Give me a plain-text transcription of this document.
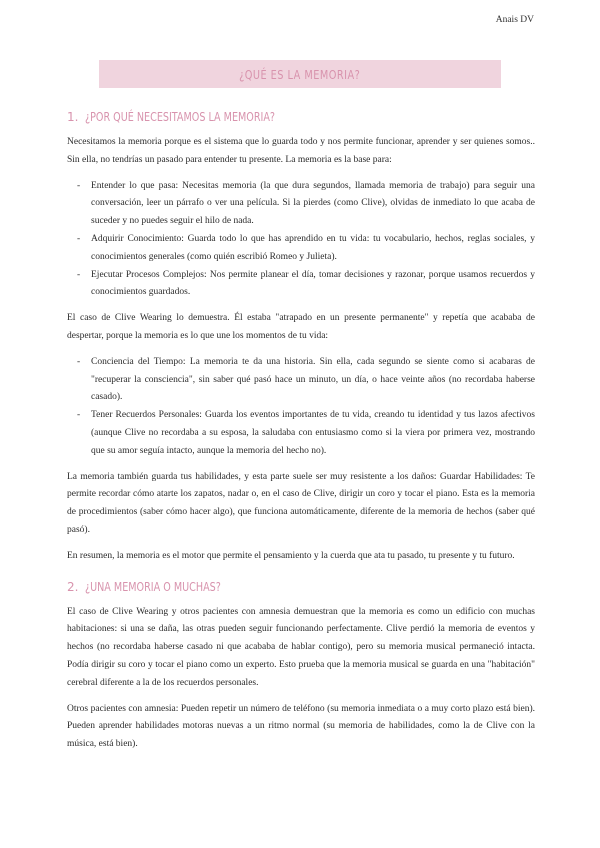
Anais DV
¿QUÉ ES LA MEMORIA?
1. ¿POR QUÉ NECESITAMOS LA MEMORIA?

Necesitamos la memoria porque es el sistema que lo guarda todo y nos permite funcionar, aprender y ser quienes somos.. Sin ella, no tendrías un pasado para entender tu presente. La memoria es la base para:

- Entender lo que pasa: Necesitas memoria (la que dura segundos, llamada memoria de trabajo) para seguir una conversación, leer un párrafo o ver una película. Si la pierdes (como Clive), olvidas de inmediato lo que acaba de suceder y no puedes seguir el hilo de nada.
- Adquirir Conocimiento: Guarda todo lo que has aprendido en tu vida: tu vocabulario, hechos, reglas sociales, y conocimientos generales (como quién escribió Romeo y Julieta).
- Ejecutar Procesos Complejos: Nos permite planear el día, tomar decisiones y razonar, porque usamos recuerdos y conocimientos guardados.

El caso de Clive Wearing lo demuestra. Él estaba "atrapado en un presente permanente" y repetía que acababa de despertar, porque la memoria es lo que une los momentos de tu vida:

- Conciencia del Tiempo: La memoria te da una historia. Sin ella, cada segundo se siente como si acabaras de "recuperar la consciencia", sin saber qué pasó hace un minuto, un día, o hace veinte años (no recordaba haberse casado).
- Tener Recuerdos Personales: Guarda los eventos importantes de tu vida, creando tu identidad y tus lazos afectivos (aunque Clive no recordaba a su esposa, la saludaba con entusiasmo como si la viera por primera vez, mostrando que su amor seguía intacto, aunque la memoria del hecho no).

La memoria también guarda tus habilidades, y esta parte suele ser muy resistente a los daños: Guardar Habilidades: Te permite recordar cómo atarte los zapatos, nadar o, en el caso de Clive, dirigir un coro y tocar el piano. Esta es la memoria de procedimientos (saber cómo hacer algo), que funciona automáticamente, diferente de la memoria de hechos (saber qué pasó).

En resumen, la memoria es el motor que permite el pensamiento y la cuerda que ata tu pasado, tu presente y tu futuro.

2. ¿UNA MEMORIA O MUCHAS?

El caso de Clive Wearing y otros pacientes con amnesia demuestran que la memoria es como un edificio con muchas habitaciones: si una se daña, las otras pueden seguir funcionando perfectamente. Clive perdió la memoria de eventos y hechos (no recordaba haberse casado ni que acababa de hablar contigo), pero su memoria musical permaneció intacta. Podía dirigir su coro y tocar el piano como un experto. Esto prueba que la memoria musical se guarda en una "habitación" cerebral diferente a la de los recuerdos personales.

Otros pacientes con amnesia: Pueden repetir un número de teléfono (su memoria inmediata o a muy corto plazo está bien). Pueden aprender habilidades motoras nuevas a un ritmo normal (su memoria de habilidades, como la de Clive con la música, está bien).
